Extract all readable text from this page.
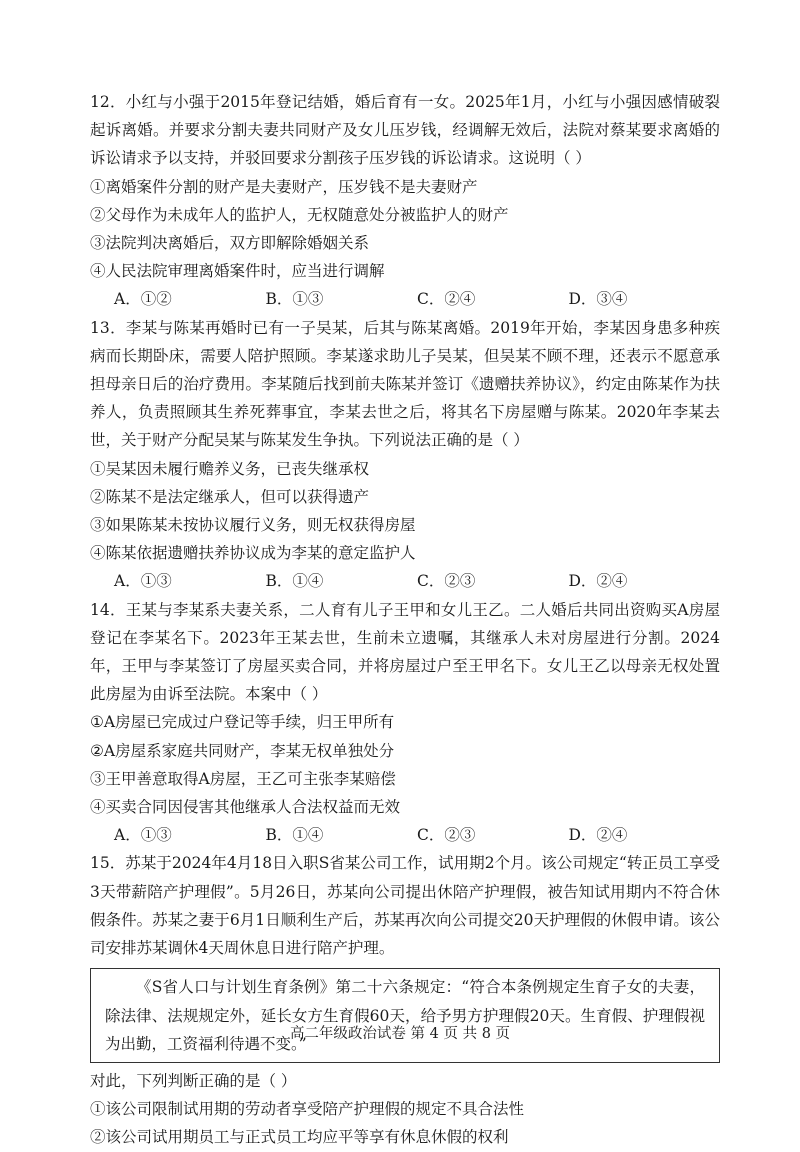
12．小红与小强于2015年登记结婚，婚后育有一女。2025年1月，小红与小强因感情破裂起诉离婚。并要求分割夫妻共同财产及女儿压岁钱，经调解无效后，法院对蔡某要求离婚的诉讼请求予以支持，并驳回要求分割孩子压岁钱的诉讼请求。这说明（ ）

①离婚案件分割的财产是夫妻财产，压岁钱不是夫妻财产

②父母作为未成年人的监护人，无权随意处分被监护人的财产

③法院判决离婚后，双方即解除婚姻关系

④人民法院审理离婚案件时，应当进行调解

A．①②	B．①③	C．②④	D．③④

13．李某与陈某再婚时已有一子吴某，后其与陈某离婚。2019年开始，李某因身患多种疾病而长期卧床，需要人陪护照顾。李某遂求助儿子吴某，但吴某不顾不理，还表示不愿意承担母亲日后的治疗费用。李某随后找到前夫陈某并签订《遗赠扶养协议》，约定由陈某作为扶养人，负责照顾其生养死葬事宜，李某去世之后，将其名下房屋赠与陈某。2020年李某去世，关于财产分配吴某与陈某发生争执。下列说法正确的是（ ）

①吴某因未履行赡养义务，已丧失继承权

②陈某不是法定继承人，但可以获得遗产

③如果陈某未按协议履行义务，则无权获得房屋

④陈某依据遗赠扶养协议成为李某的意定监护人

A．①③	B．①④	C．②③	D．②④

14．王某与李某系夫妻关系，二人育有儿子王甲和女儿王乙。二人婚后共同出资购买A房屋登记在李某名下。2023年王某去世，生前未立遗嘱，其继承人未对房屋进行分割。2024年，王甲与李某签订了房屋买卖合同，并将房屋过户至王甲名下。女儿王乙以母亲无权处置此房屋为由诉至法院。本案中（ ）

①A房屋已完成过户登记等手续，归王甲所有

②A房屋系家庭共同财产，李某无权单独处分

③王甲善意取得A房屋，王乙可主张李某赔偿

④买卖合同因侵害其他继承人合法权益而无效

A．①③	B．①④	C．②③	D．②④

15．苏某于2024年4月18日入职S省某公司工作，试用期2个月。该公司规定“转正员工享受3天带薪陪产护理假”。5月26日，苏某向公司提出休陪产护理假，被告知试用期内不符合休假条件。苏某之妻于6月1日顺利生产后，苏某再次向公司提交20天护理假的休假申请。该公司安排苏某调休4天周休息日进行陪产护理。

《S省人口与计划生育条例》第二十六条规定：“符合本条例规定生育子女的夫妻，除法律、法规规定外，延长女方生育假60天，给予男方护理假20天。生育假、护理假视为出勤，工资福利待遇不变。”

对此，下列判断正确的是（ ）

①该公司限制试用期的劳动者享受陪产护理假的规定不具合法性

②该公司试用期员工与正式员工均应平等享有休息休假的权利

高二年级政治试卷 第 4 页 共 8 页
